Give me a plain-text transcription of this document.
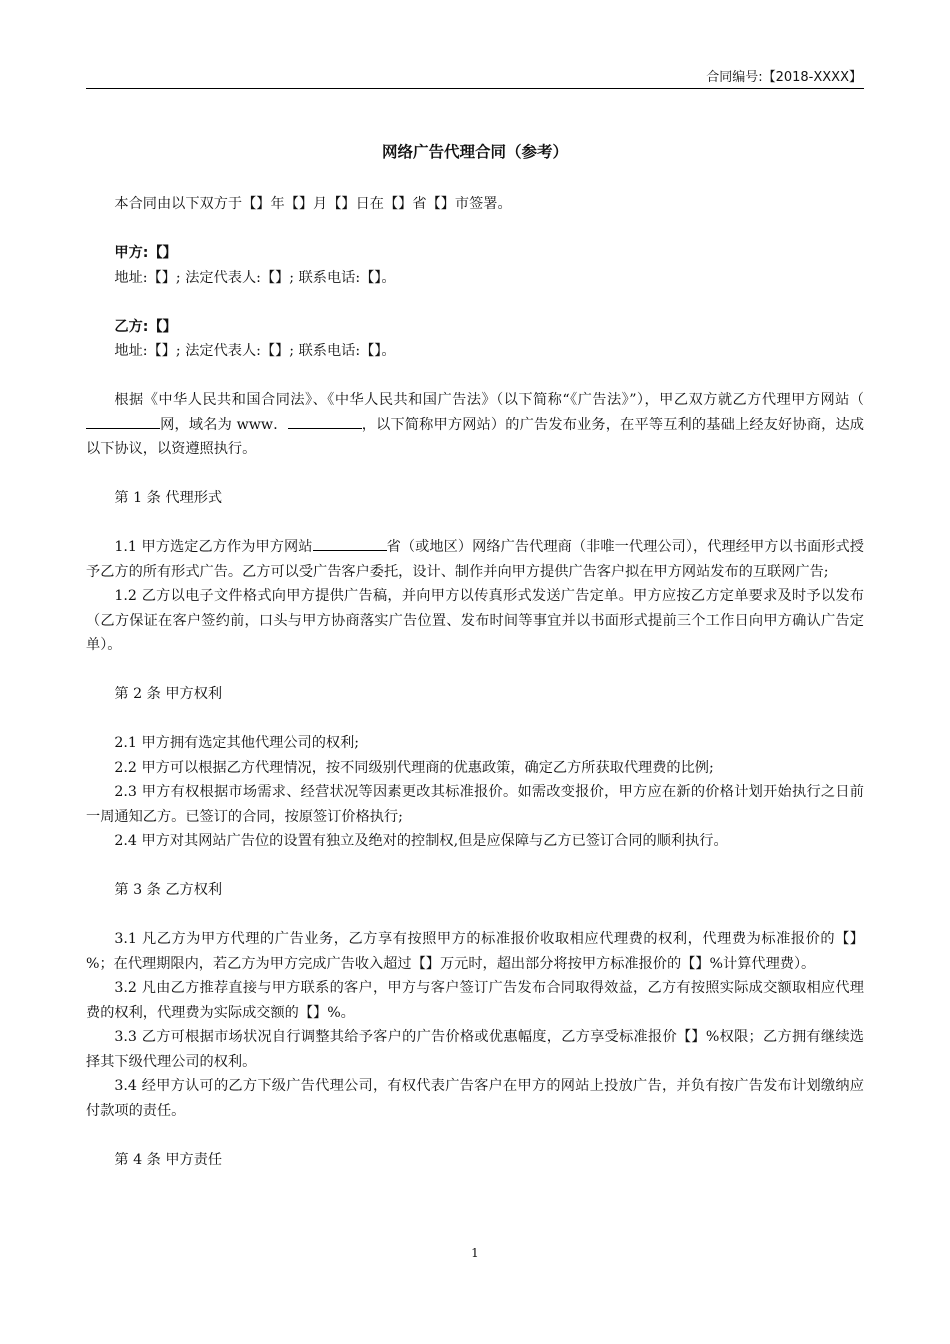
合同编号:【2018-XXXX】
网络广告代理合同（参考）

本合同由以下双方于【】年【】月【】日在【】省【】市签署。

甲方:【】

地址:【】; 法定代表人:【】; 联系电话:【】。

乙方:【】

地址:【】; 法定代表人:【】; 联系电话:【】。

根据《中华人民共和国合同法》、《中华人民共和国广告法》（以下简称“《广告法》”），甲乙双方就乙方代理甲方网站（网，域名为 www．	，以下简称甲方网站）的广告发布业务，在平等互利的基础上经友好协商，达成以下协议，以资遵照执行。

第 1 条 代理形式

1.1 甲方选定乙方作为甲方网站	省（或地区）网络广告代理商（非唯一代理公司），代理经甲方以书面形式授予乙方的所有形式广告。乙方可以受广告客户委托，设计、制作并向甲方提供广告客户拟在甲方网站发布的互联网广告;

1.2 乙方以电子文件格式向甲方提供广告稿，并向甲方以传真形式发送广告定单。甲方应按乙方定单要求及时予以发布（乙方保证在客户签约前，口头与甲方协商落实广告位置、发布时间等事宜并以书面形式提前三个工作日向甲方确认广告定单）。

第 2 条 甲方权利

2.1 甲方拥有选定其他代理公司的权利;

2.2 甲方可以根据乙方代理情况，按不同级别代理商的优惠政策，确定乙方所获取代理费的比例;

2.3 甲方有权根据市场需求、经营状况等因素更改其标准报价。如需改变报价，甲方应在新的价格计划开始执行之日前一周通知乙方。已签订的合同，按原签订价格执行;

2.4 甲方对其网站广告位的设置有独立及绝对的控制权,但是应保障与乙方已签订合同的顺利执行。

第 3 条 乙方权利

3.1 凡乙方为甲方代理的广告业务，乙方享有按照甲方的标准报价收取相应代理费的权利，代理费为标准报价的【】%；在代理期限内，若乙方为甲方完成广告收入超过【】万元时，超出部分将按甲方标准报价的【】%计算代理费）。

3.2 凡由乙方推荐直接与甲方联系的客户，甲方与客户签订广告发布合同取得效益，乙方有按照实际成交额取相应代理费的权利，代理费为实际成交额的【】%。

3.3 乙方可根据市场状况自行调整其给予客户的广告价格或优惠幅度，乙方享受标准报价【】%权限；乙方拥有继续选择其下级代理公司的权利。

3.4 经甲方认可的乙方下级广告代理公司，有权代表广告客户在甲方的网站上投放广告，并负有按广告发布计划缴纳应付款项的责任。

第 4 条 甲方责任

1
